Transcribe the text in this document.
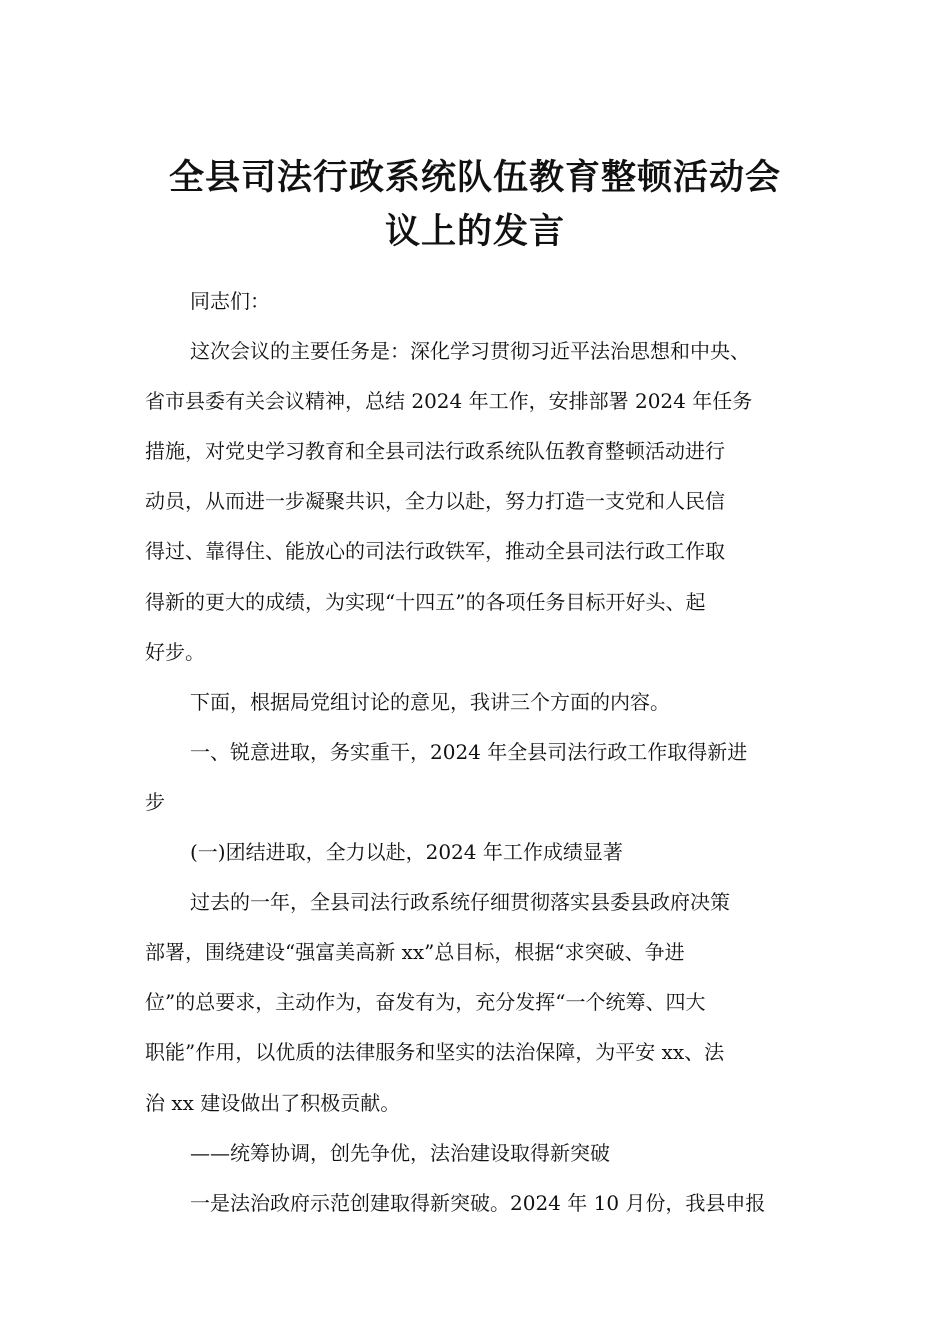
全县司法行政系统队伍教育整顿活动会
议上的发言
同志们：
这次会议的主要任务是：深化学习贯彻习近平法治思想和中央、
省市县委有关会议精神，总结 2024 年工作，安排部署 2024 年任务
措施，对党史学习教育和全县司法行政系统队伍教育整顿活动进行
动员，从而进一步凝聚共识，全力以赴，努力打造一支党和人民信
得过、靠得住、能放心的司法行政铁军，推动全县司法行政工作取
得新的更大的成绩，为实现“十四五”的各项任务目标开好头、起
好步。
下面，根据局党组讨论的意见，我讲三个方面的内容。
一、锐意进取，务实重干，2024 年全县司法行政工作取得新进
步
(一)团结进取，全力以赴，2024 年工作成绩显著
过去的一年，全县司法行政系统仔细贯彻落实县委县政府决策
部署，围绕建设“强富美高新 xx”总目标，根据“求突破、争进
位”的总要求，主动作为，奋发有为，充分发挥“一个统筹、四大
职能”作用，以优质的法律服务和坚实的法治保障，为平安 xx、法
治 xx 建设做出了积极贡献。
——统筹协调，创先争优，法治建设取得新突破
一是法治政府示范创建取得新突破。2024 年 10 月份，我县申报
